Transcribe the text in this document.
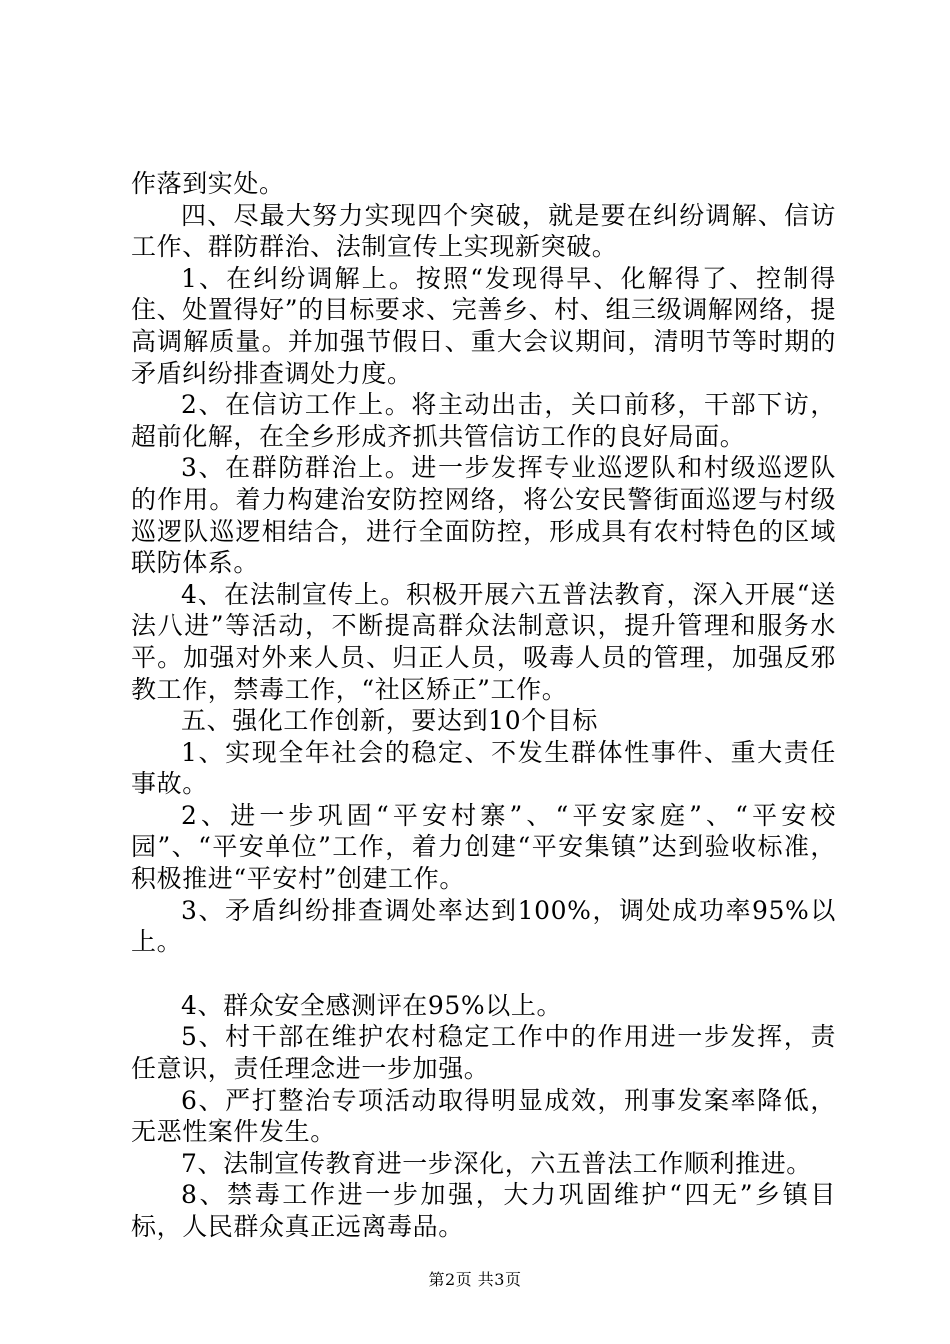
作落到实处。

四、尽最大努力实现四个突破，就是要在纠纷调解、信访工作、群防群治、法制宣传上实现新突破。

1、在纠纷调解上。按照“发现得早、化解得了、控制得住、处置得好”的目标要求、完善乡、村、组三级调解网络，提高调解质量。并加强节假日、重大会议期间，清明节等时期的矛盾纠纷排查调处力度。

2、在信访工作上。将主动出击，关口前移，干部下访，超前化解，在全乡形成齐抓共管信访工作的良好局面。

3、在群防群治上。进一步发挥专业巡逻队和村级巡逻队的作用。着力构建治安防控网络，将公安民警街面巡逻与村级巡逻队巡逻相结合，进行全面防控，形成具有农村特色的区域联防体系。

4、在法制宣传上。积极开展六五普法教育，深入开展“送法八进”等活动，不断提高群众法制意识，提升管理和服务水平。加强对外来人员、归正人员，吸毒人员的管理，加强反邪教工作，禁毒工作，“社区矫正”工作。

五、强化工作创新，要达到10个目标

1、实现全年社会的稳定、不发生群体性事件、重大责任事故。

2、进一步巩固“平安村寨”、“平安家庭”、“平安校园”、“平安单位”工作，着力创建“平安集镇”达到验收标准，积极推进“平安村”创建工作。

3、矛盾纠纷排查调处率达到100%，调处成功率95%以上。

4、群众安全感测评在95%以上。

5、村干部在维护农村稳定工作中的作用进一步发挥，责任意识，责任理念进一步加强。

6、严打整治专项活动取得明显成效，刑事发案率降低，无恶性案件发生。

7、法制宣传教育进一步深化，六五普法工作顺利推进。

8、禁毒工作进一步加强，大力巩固维护“四无”乡镇目标，人民群众真正远离毒品。

第2页 共3页
